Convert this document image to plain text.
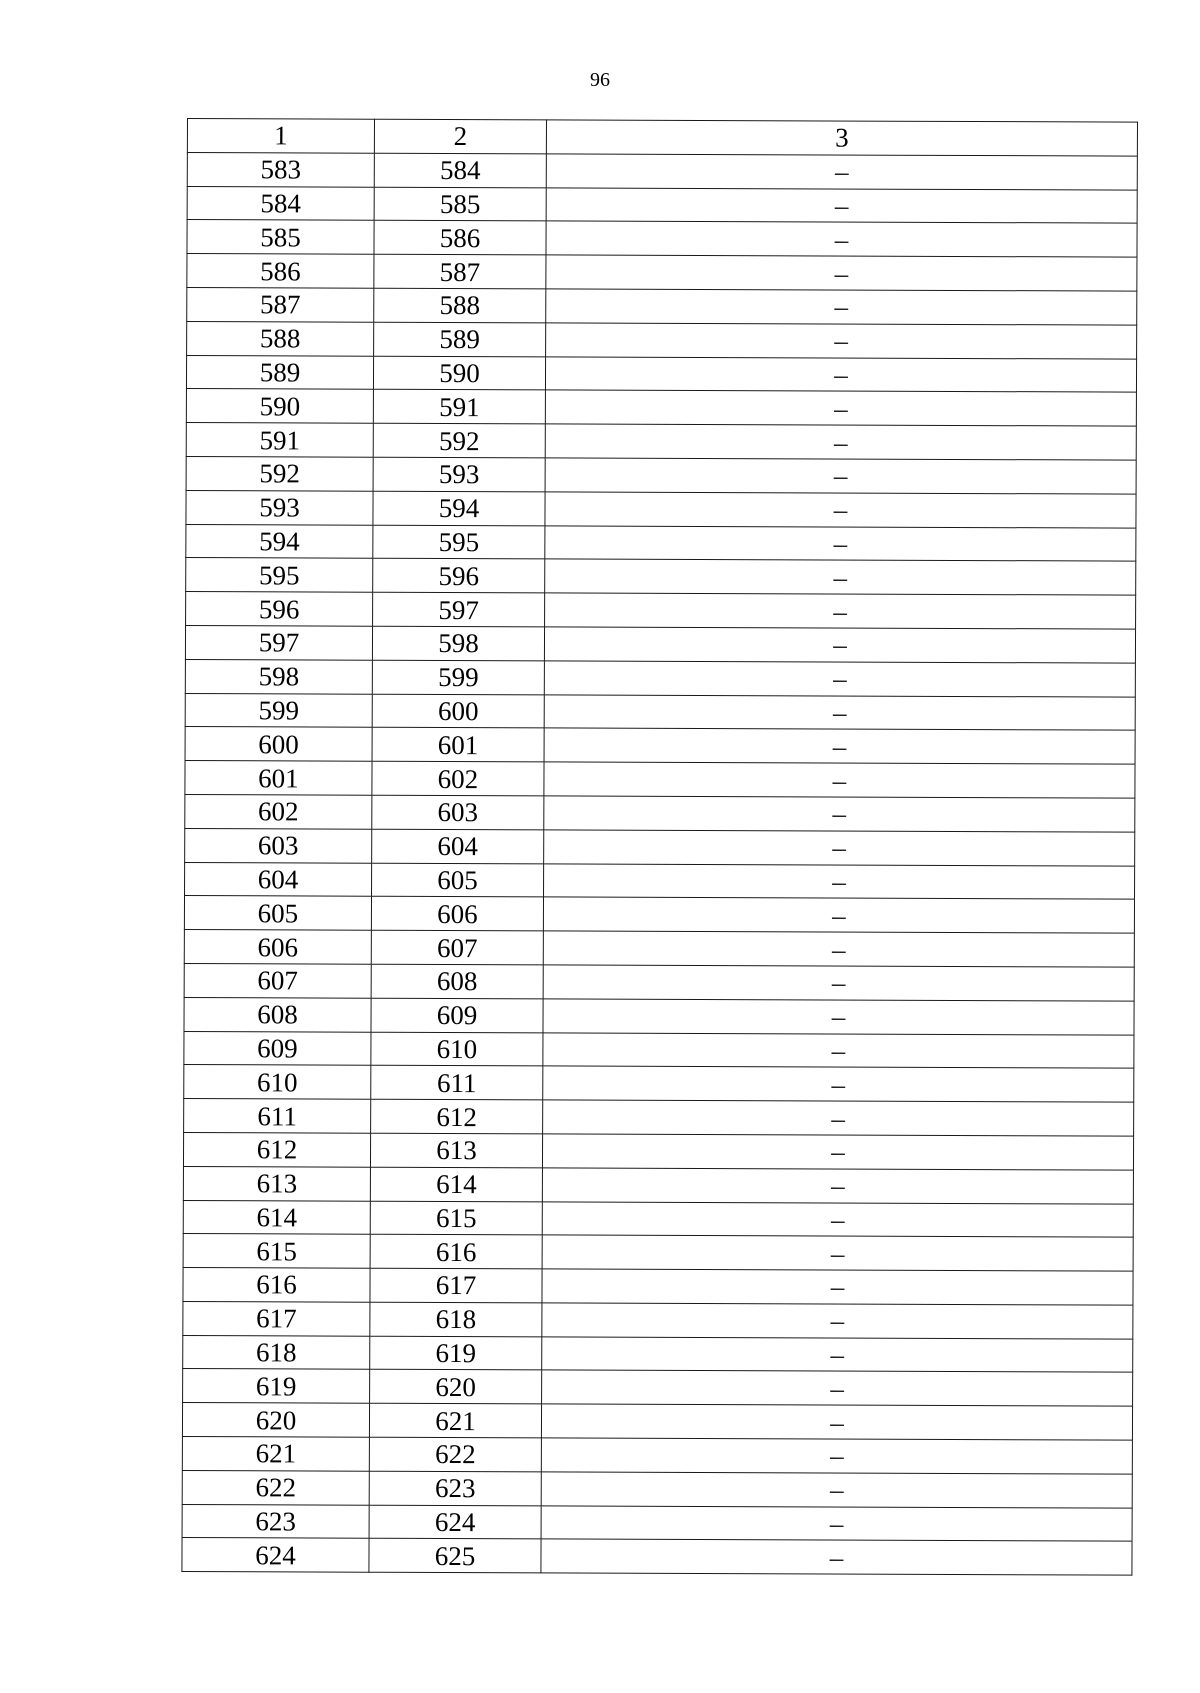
96
1	2	3
583	584	–
584	585	–
585	586	–
586	587	–
587	588	–
588	589	–
589	590	–
590	591	–
591	592	–
592	593	–
593	594	–
594	595	–
595	596	–
596	597	–
597	598	–
598	599	–
599	600	–
600	601	–
601	602	–
602	603	–
603	604	–
604	605	–
605	606	–
606	607	–
607	608	–
608	609	–
609	610	–
610	611	–
611	612	–
612	613	–
613	614	–
614	615	–
615	616	–
616	617	–
617	618	–
618	619	–
619	620	–
620	621	–
621	622	–
622	623	–
623	624	–
624	625	–
